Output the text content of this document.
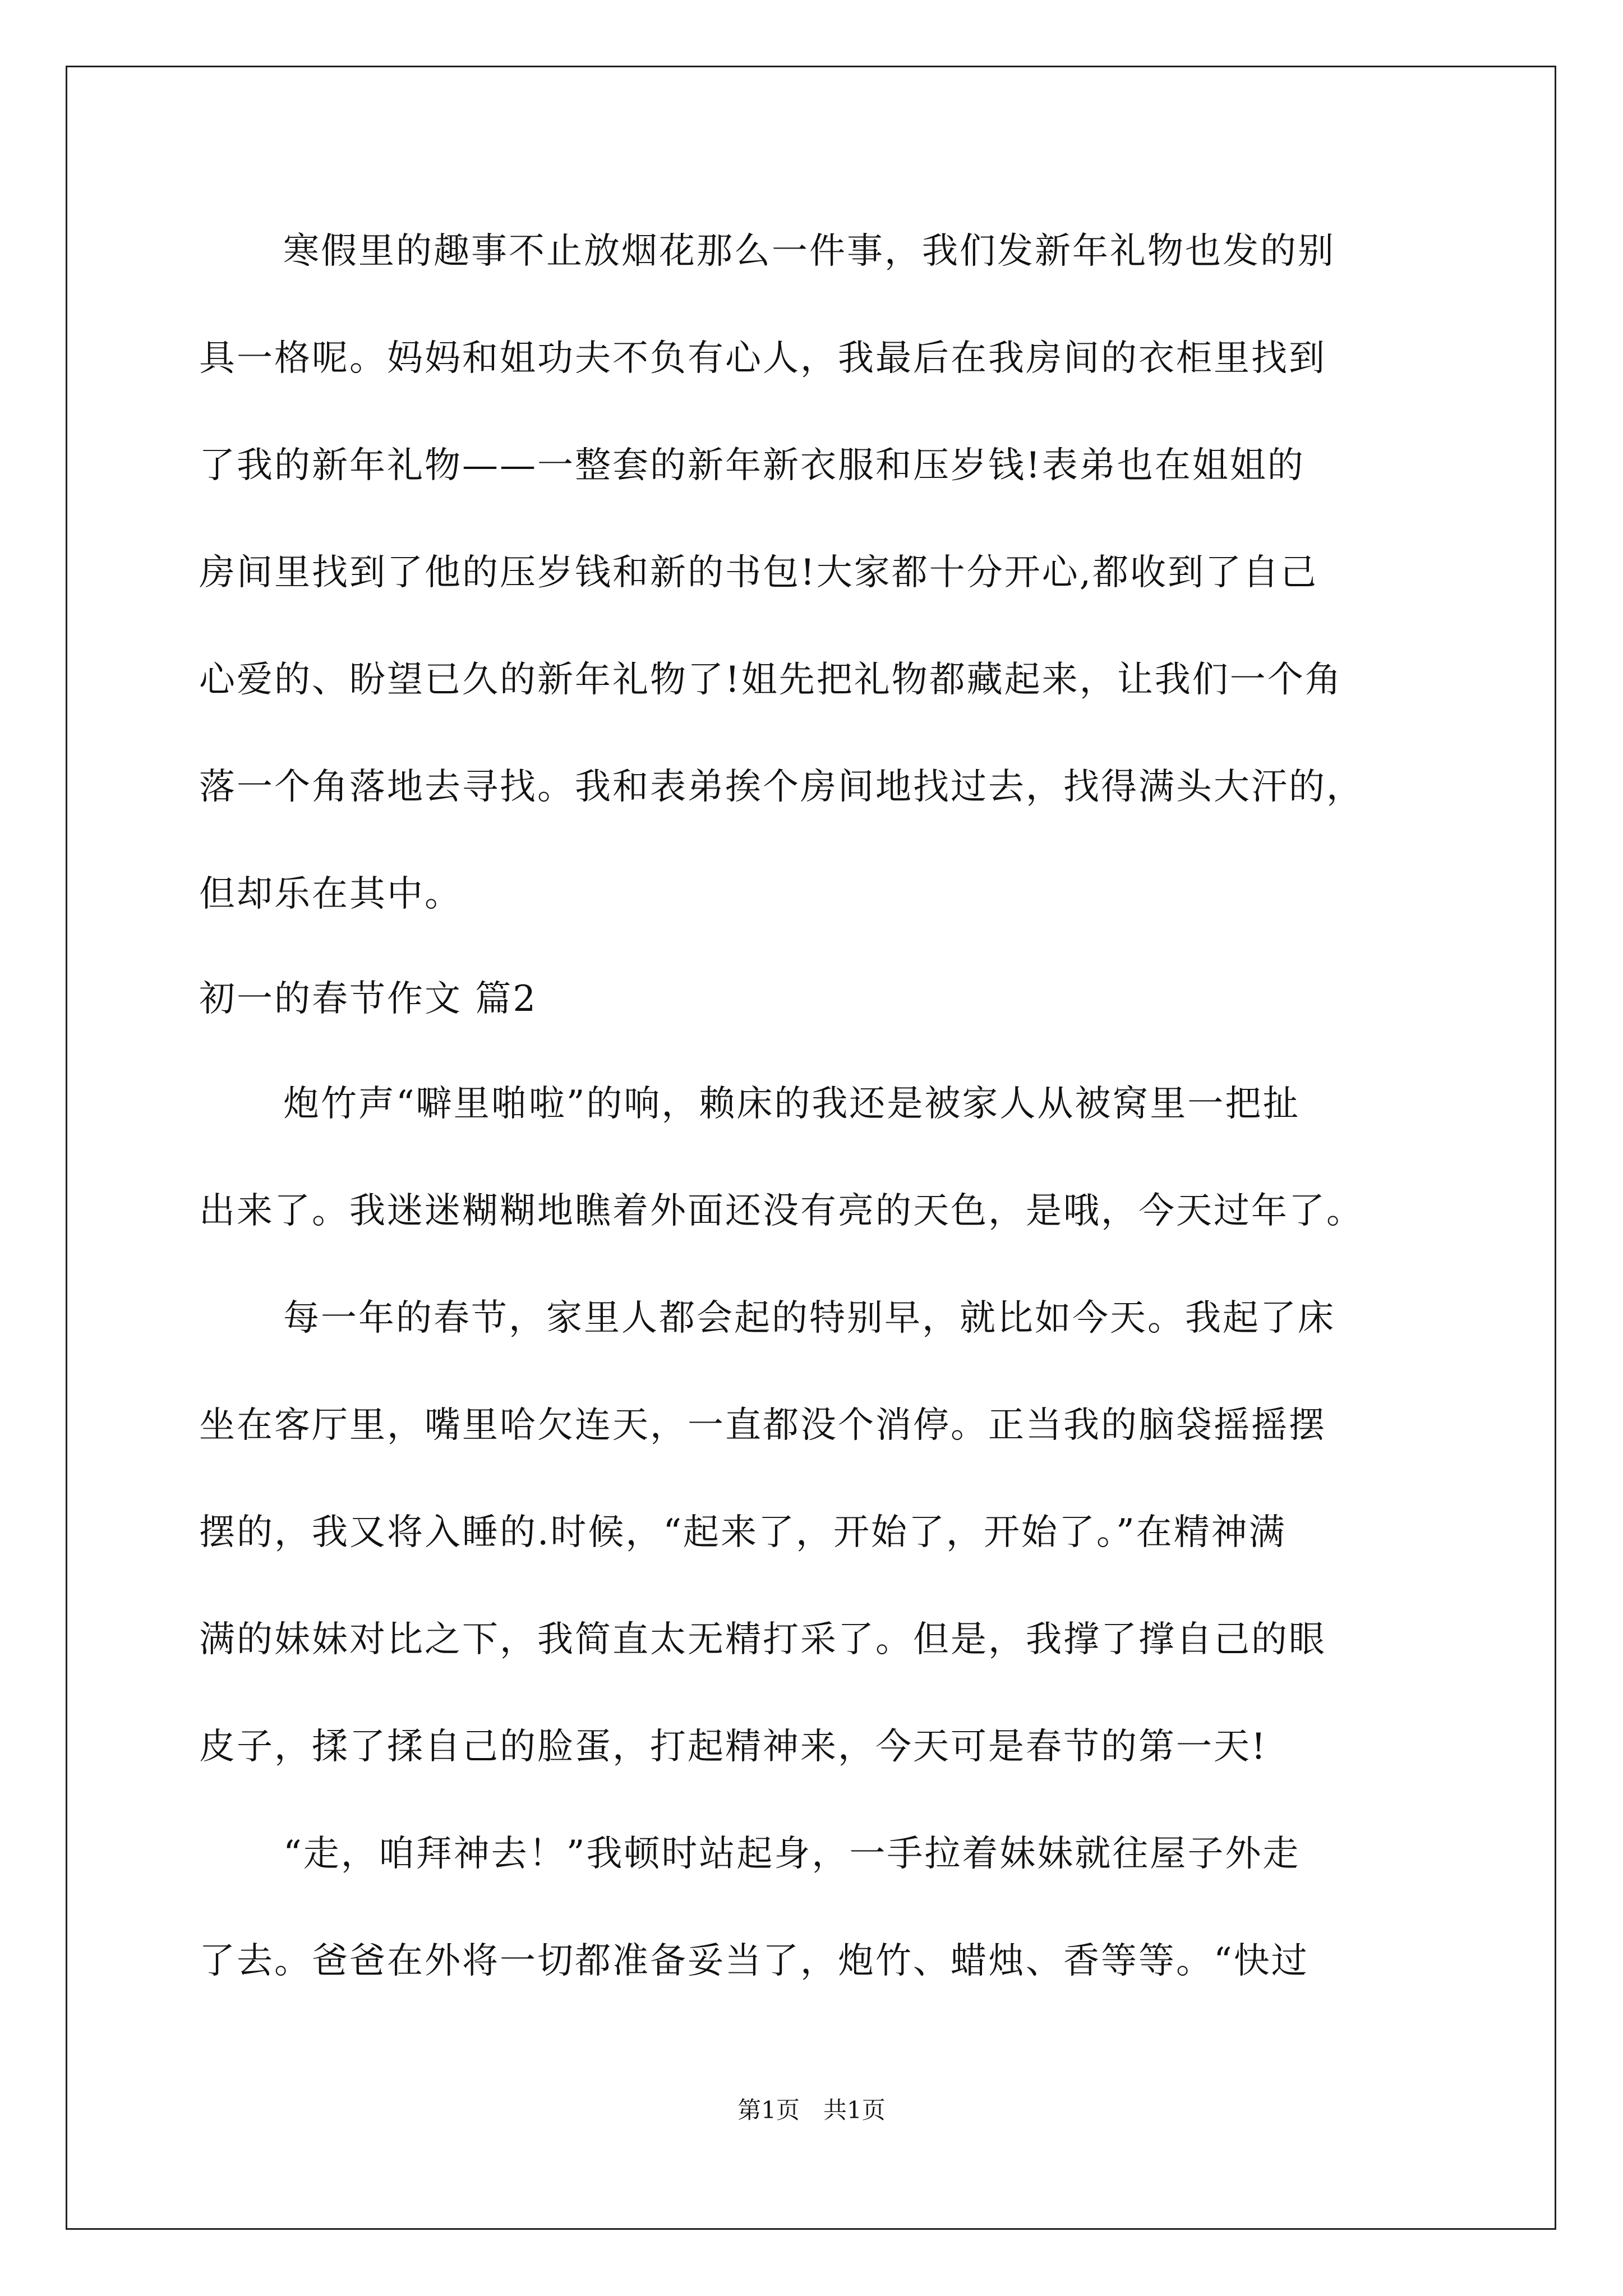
寒假里的趣事不止放烟花那么一件事，我们发新年礼物也发的别
具一格呢。妈妈和姐功夫不负有心人，我最后在我房间的衣柜里找到
了我的新年礼物——一整套的新年新衣服和压岁钱!表弟也在姐姐的
房间里找到了他的压岁钱和新的书包!大家都十分开心,都收到了自己
心爱的、盼望已久的新年礼物了!姐先把礼物都藏起来，让我们一个角
落一个角落地去寻找。我和表弟挨个房间地找过去，找得满头大汗的，
但却乐在其中。
初一的春节作文 篇2
炮竹声“噼里啪啦”的响，赖床的我还是被家人从被窝里一把扯
出来了。我迷迷糊糊地瞧着外面还没有亮的天色，是哦，今天过年了。
每一年的春节，家里人都会起的特别早，就比如今天。我起了床
坐在客厅里，嘴里哈欠连天，一直都没个消停。正当我的脑袋摇摇摆
摆的，我又将入睡的.时候，“起来了，开始了，开始了。”在精神满
满的妹妹对比之下，我简直太无精打采了。但是，我撑了撑自己的眼
皮子，揉了揉自己的脸蛋，打起精神来，今天可是春节的第一天!
“走，咱拜神去！”我顿时站起身，一手拉着妹妹就往屋子外走
了去。爸爸在外将一切都准备妥当了，炮竹、蜡烛、香等等。“快过
第1页　共1页
